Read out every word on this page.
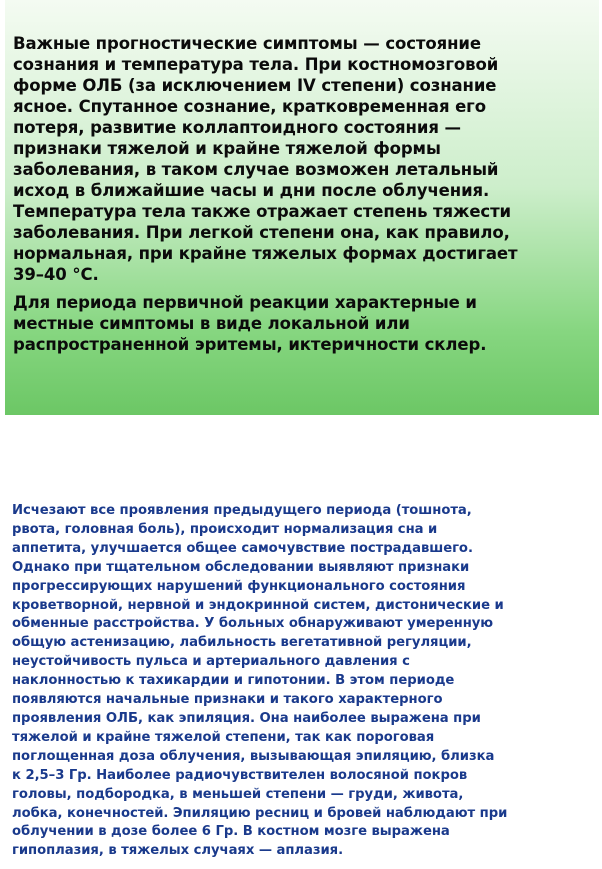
Важные прогностические симптомы — состояние
сознания и температура тела. При костномозговой
форме ОЛБ (за исключением IV степени) сознание
ясное. Спутанное сознание, кратковременная его
потеря, развитие коллаптоидного состояния —
признаки тяжелой и крайне тяжелой формы
заболевания, в таком случае возможен летальный
исход в ближайшие часы и дни после облучения.
Температура тела также отражает степень тяжести
заболевания. При легкой степени она, как правило,
нормальная, при крайне тяжелых формах достигает
39–40 °С.

Для периода первичной реакции характерные и
местные симптомы в виде локальной или
распространенной эритемы, иктеричности склер.

Исчезают все проявления предыдущего периода (тошнота,
рвота, головная боль), происходит нормализация сна и
аппетита, улучшается общее самочувствие пострадавшего.
Однако при тщательном обследовании выявляют признаки
прогрессирующих нарушений функционального состояния
кроветворной, нервной и эндокринной систем, дистонические и
обменные расстройства. У больных обнаруживают умеренную
общую астенизацию, лабильность вегетативной регуляции,
неустойчивость пульса и артериального давления с
наклонностью к тахикардии и гипотонии. В этом периоде
появляются начальные признаки и такого характерного
проявления ОЛБ, как эпиляция. Она наиболее выражена при
тяжелой и крайне тяжелой степени, так как пороговая
поглощенная доза облучения, вызывающая эпиляцию, близка
к 2,5–3 Гр. Наиболее радиочувствителен волосяной покров
головы, подбородка, в меньшей степени — груди, живота,
лобка, конечностей. Эпиляцию ресниц и бровей наблюдают при
облучении в дозе более 6 Гр. В костном мозге выражена
гипоплазия, в тяжелых случаях — аплазия.
